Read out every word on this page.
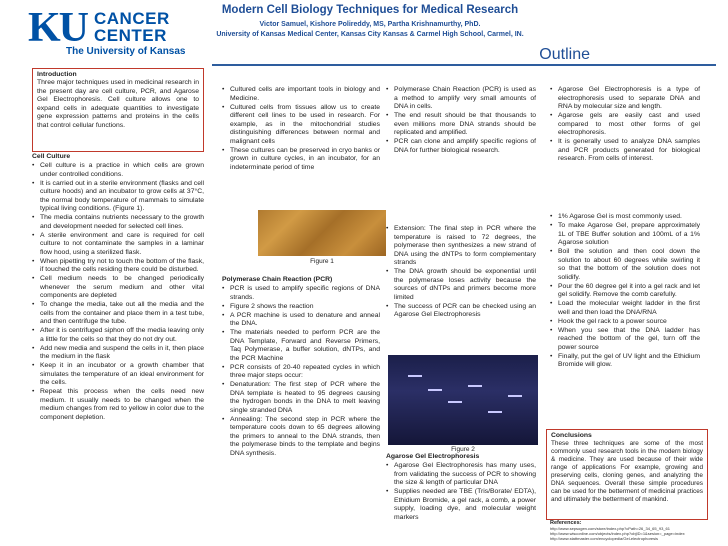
KU CANCER
CENTER
The University of Kansas
Modern Cell Biology Techniques for Medical Research
Victor Samuel, Kishore Polireddy, MS, Partha Krishnamurthy, PhD.
University of Kansas Medical Center, Kansas City Kansas & Carmel High School, Carmel, IN.
Outline
Introduction
Three major techniques used in medicinal research in the present day are cell culture, PCR, and Agarose Gel Electrophoresis. Cell culture allows one to expand cells in adequate quantities to investigate gene expression patterns and proteins in the cells that control cellular functions.
Cell Culture
• Cell culture is a practice in which cells are grown under controlled conditions.
• It is carried out in a sterile environment (flasks and cell culture hoods) and an incubator to grow cells at 37°C, the normal body temperature of mammals to simulate typical living conditions. (Figure 1).
• The media contains nutrients necessary to the growth and development needed for selected cell lines.
• A sterile environment and care is required for cell culture to not contaminate the samples in a laminar flow hood, using a sterilized flask.
• When pipetting try not to touch the bottom of the flask, if touched the cells residing there could be disturbed.
• Cell medium needs to be changed periodically whenever the serum medium and other vital components are depleted
• To change the media, take out all the media and the cells from the container and place them in a test tube, and then centrifuge the tube.
• After it is centrifuged siphon off the media leaving only a little for the cells so that they do not dry out.
• Add new media and suspend the cells in it, then place the medium in the flask
• Keep it in an incubator or a growth chamber that simulates the temperature of an ideal environment for the cells.
• Repeat this process when the cells need new medium. It usually needs to be changed when the medium changes from red to yellow in color due to the component depletion.
• Cultured cells are important tools in biology and Medicine.
• Cultured cells from tissues allow us to create different cell lines to be used in research. For example, as in the mitochondrial studies distinguishing differences between normal and malignant cells
• These cultures can be preserved in cryo banks or grown in culture cycles, in an incubator, for an indeterminate period of time
Figure 1
Polymerase Chain Reaction (PCR)
• PCR is used to amplify specific regions of DNA strands.
• Figure 2 shows the reaction
• A PCR machine is used to denature and anneal the DNA.
• The materials needed to perform PCR are the DNA Template, Forward and Reverse Primers, Taq Polymerase, a buffer solution, dNTPs, and the PCR Machine
• PCR consists of 20-40 repeated cycles in which three major steps occur:
• Denaturation: The first step of PCR where the DNA template is heated to 95 degrees causing the hydrogen bonds in the DNA to melt leaving single stranded DNA
• Annealing: The second step in PCR where the temperature cools down to 65 degrees allowing the primers to anneal to the DNA strands, then the polymerase binds to the template and begins DNA synthesis.
• Polymerase Chain Reaction (PCR) is used as a method to amplify very small amounts of DNA in cells.
• The end result should be that thousands to even millions more DNA strands should be replicated and amplified.
• PCR can clone and amplify specific regions of DNA for further biological research.
• Extension: The final step in PCR where the temperature is raised to 72 degrees, the polymerase then synthesizes a new strand of DNA using the dNTPs to form complementary strands
• The DNA growth should be exponential until the polymerase loses activity because the sources of dNTPs and primers become more limited
• The success of PCR can be checked using an Agarose Gel Electrophoresis
Figure 2
Agarose Gel Electrophoresis
• Agarose Gel Electrophoresis has many uses, from validating the success of PCR to showing the size & length of particular DNA
• Supplies needed are TBE (Tris/Borate/ EDTA), Ethidium Bromide, a gel rack, a comb, a power supply, loading dye, and molecular weight markers
• Agarose Gel Electrophoresis is a type of electrophoresis used to separate DNA and RNA by molecular size and length.
• Agarose gels are easily cast and used compared to most other forms of gel electrophoresis.
• It is generally used to analyze DNA samples and PCR products generated for biological research. From cells of interest.
• 1% Agarose Gel is most commonly used.
• To make Agarose Gel, prepare approximately 1L of TBE Buffer solution and 100mL of a 1% Agarose solution
• Boil the solution and then cool down the solution to about 60 degrees while swirling it so that the bottom of the solution does not solidify.
• Pour the 60 degree gel it into a gel rack and let gel solidify. Remove the comb carefully.
• Load the molecular weight ladder in the first well and then load the DNA/RNA
• Hook the gel rack to a power source
• When you see that the DNA ladder has reached the bottom of the gel, turn off the power source
• Finally, put the gel of UV light and the Ethidium Bromide will glow.
Conclusions
These three techniques are some of the most commonly used research tools in the modern biology & medicine. They are used because of their wide range of applications For example, growing and preserving cells, cloning genes, and analyzing the DNA sequences. Overall these simple procedures can be used for the betterment of medicinal practices and ultimately the betterment of mankind.
References:
http://www.sepsogen.com/store/index.php?cPath=26_34_65_93_61
http://www.wisconline.com/objects/index.php?objID=1&sesion=_page=index
http://www.stattmaster.com/encyclopedia/Gel-electrophoresis
